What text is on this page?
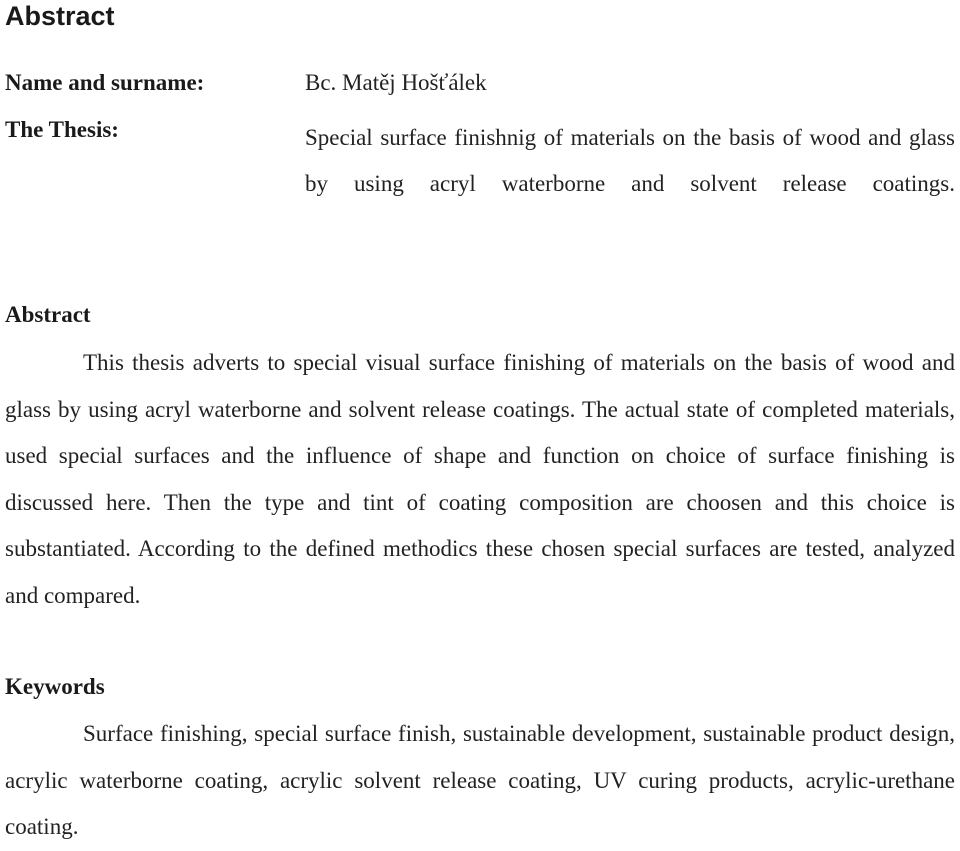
Abstract
Name and surname:	Bc. Matěj Hošťálek
The Thesis:	Special surface finishnig of materials on the basis of wood and glass by using acryl waterborne and solvent release coatings.
Abstract

This thesis adverts to special visual surface finishing of materials on the basis of wood and glass by using acryl waterborne and solvent release coatings. The actual state of completed materials, used special surfaces and the influence of shape and function on choice of surface finishing is discussed here. Then the type and tint of coating composition are choosen and this choice is substantiated. According to the defined methodics these chosen special surfaces are tested, analyzed and compared.

Keywords

Surface finishing, special surface finish, sustainable development, sustainable product design, acrylic waterborne coating, acrylic solvent release coating, UV curing products, acrylic-urethane coating.
